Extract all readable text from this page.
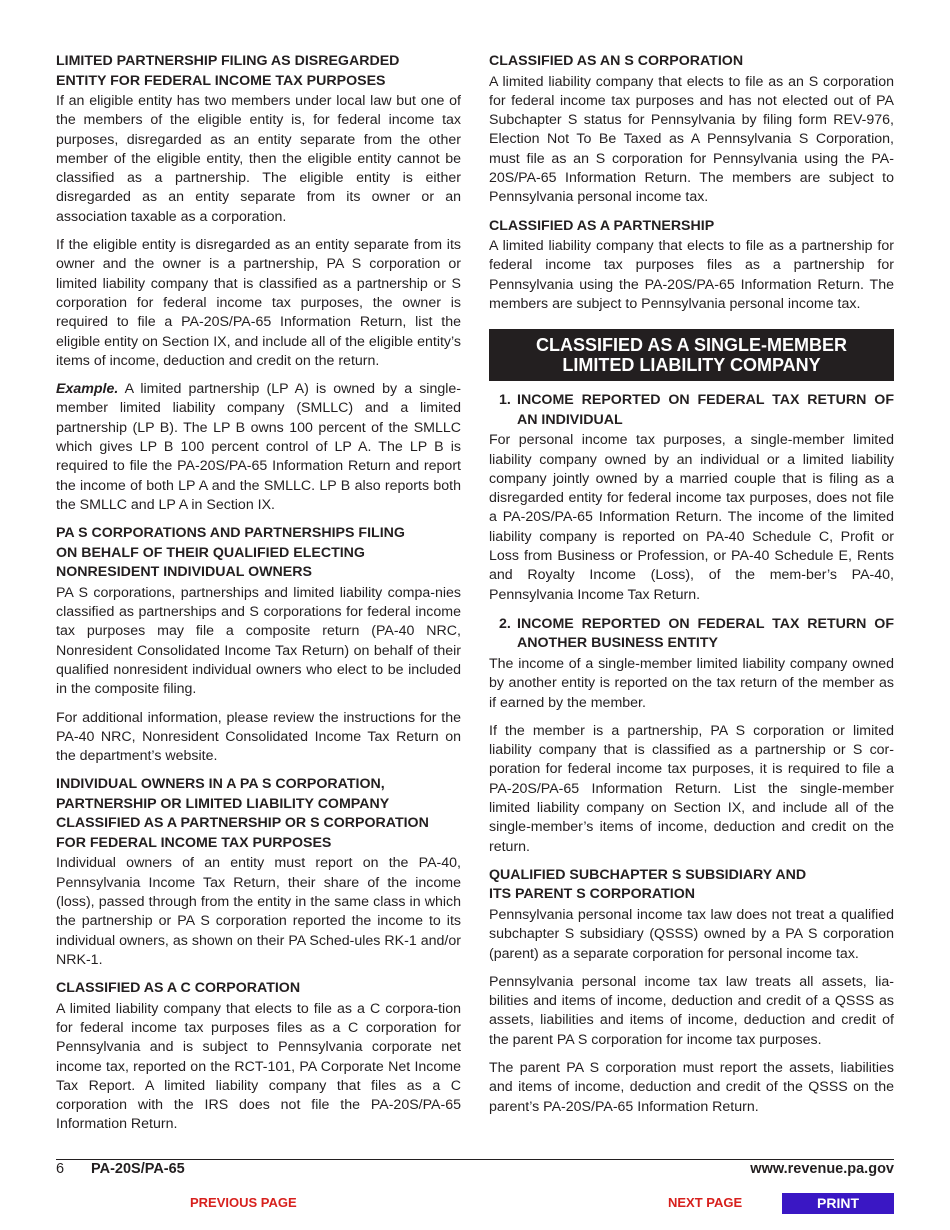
LIMITED PARTNERSHIP FILING AS DISREGARDED
ENTITY FOR FEDERAL INCOME TAX PURPOSES

If an eligible entity has two members under local law but one of the members of the eligible entity is, for federal income tax purposes, disregarded as an entity separate from the other member of the eligible entity, then the eligible entity cannot be classified as a partnership. The eligible entity is either disregarded as an entity separate from its owner or an association taxable as a corporation.

If the eligible entity is disregarded as an entity separate from its owner and the owner is a partnership, PA S corporation or limited liability company that is classified as a partnership or S corporation for federal income tax purposes, the owner is required to file a PA-20S/PA-65 Information Return, list the eligible entity on Section IX, and include all of the eligible entity’s items of income, deduction and credit on the return.

Example. A limited partnership (LP A) is owned by a single-member limited liability company (SMLLC) and a limited partnership (LP B). The LP B owns 100 percent of the SMLLC which gives LP B 100 percent control of LP A. The LP B is required to file the PA-20S/PA-65 Information Return and report the income of both LP A and the SMLLC. LP B also reports both the SMLLC and LP A in Section IX.

PA S CORPORATIONS AND PARTNERSHIPS FILING
ON BEHALF OF THEIR QUALIFIED ELECTING
NONRESIDENT INDIVIDUAL OWNERS

PA S corporations, partnerships and limited liability compa-nies classified as partnerships and S corporations for federal income tax purposes may file a composite return (PA-40 NRC, Nonresident Consolidated Income Tax Return) on behalf of their qualified nonresident individual owners who elect to be included in the composite filing.

For additional information, please review the instructions for the PA-40 NRC, Nonresident Consolidated Income Tax Return on the department’s website.

INDIVIDUAL OWNERS IN A PA S CORPORATION,
PARTNERSHIP OR LIMITED LIABILITY COMPANY
CLASSIFIED AS A PARTNERSHIP OR S CORPORATION
FOR FEDERAL INCOME TAX PURPOSES

Individual owners of an entity must report on the PA-40, Pennsylvania Income Tax Return, their share of the income (loss), passed through from the entity in the same class in which the partnership or PA S corporation reported the income to its individual owners, as shown on their PA Sched-ules RK-1 and/or NRK-1.

CLASSIFIED AS A C CORPORATION

A limited liability company that elects to file as a C corpora-tion for federal income tax purposes files as a C corporation for Pennsylvania and is subject to Pennsylvania corporate net income tax, reported on the RCT-101, PA Corporate Net Income Tax Report. A limited liability company that files as a C corporation with the IRS does not file the PA-20S/PA-65 Information Return.

CLASSIFIED AS AN S CORPORATION

A limited liability company that elects to file as an S corporation for federal income tax purposes and has not elected out of PA Subchapter S status for Pennsylvania by filing form REV-976, Election Not To Be Taxed as A Pennsylvania S Corporation, must file as an S corporation for Pennsylvania using the PA-20S/PA-65 Information Return. The members are subject to Pennsylvania personal income tax.

CLASSIFIED AS A PARTNERSHIP

A limited liability company that elects to file as a partnership for federal income tax purposes files as a partnership for Pennsylvania using the PA-20S/PA-65 Information Return. The members are subject to Pennsylvania personal income tax.

CLASSIFIED AS A SINGLE-MEMBER
LIMITED LIABILITY COMPANY
1. INCOME REPORTED ON FEDERAL TAX RETURN OF AN INDIVIDUAL

For personal income tax purposes, a single-member limited liability company owned by an individual or a limited liability company jointly owned by a married couple that is filing as a disregarded entity for federal income tax purposes, does not file a PA-20S/PA-65 Information Return. The income of the limited liability company is reported on PA-40 Schedule C, Profit or Loss from Business or Profession, or PA-40 Schedule E, Rents and Royalty Income (Loss), of the mem-ber’s PA-40, Pennsylvania Income Tax Return.

2. INCOME REPORTED ON FEDERAL TAX RETURN OF ANOTHER BUSINESS ENTITY

The income of a single-member limited liability company owned by another entity is reported on the tax return of the member as if earned by the member.

If the member is a partnership, PA S corporation or limited liability company that is classified as a partnership or S cor-poration for federal income tax purposes, it is required to file a PA-20S/PA-65 Information Return. List the single-member limited liability company on Section IX, and include all of the single-member’s items of income, deduction and credit on the return.

QUALIFIED SUBCHAPTER S SUBSIDIARY AND
ITS PARENT S CORPORATION

Pennsylvania personal income tax law does not treat a qualified subchapter S subsidiary (QSSS) owned by a PA S corporation (parent) as a separate corporation for personal income tax.

Pennsylvania personal income tax law treats all assets, lia-bilities and items of income, deduction and credit of a QSSS as assets, liabilities and items of income, deduction and credit of the parent PA S corporation for income tax purposes.

The parent PA S corporation must report the assets, liabilities and items of income, deduction and credit of the QSSS on the parent’s PA-20S/PA-65 Information Return.

6 PA-20S/PA-65	www.revenue.pa.gov
PREVIOUS PAGE	NEXT PAGE	PRINT
